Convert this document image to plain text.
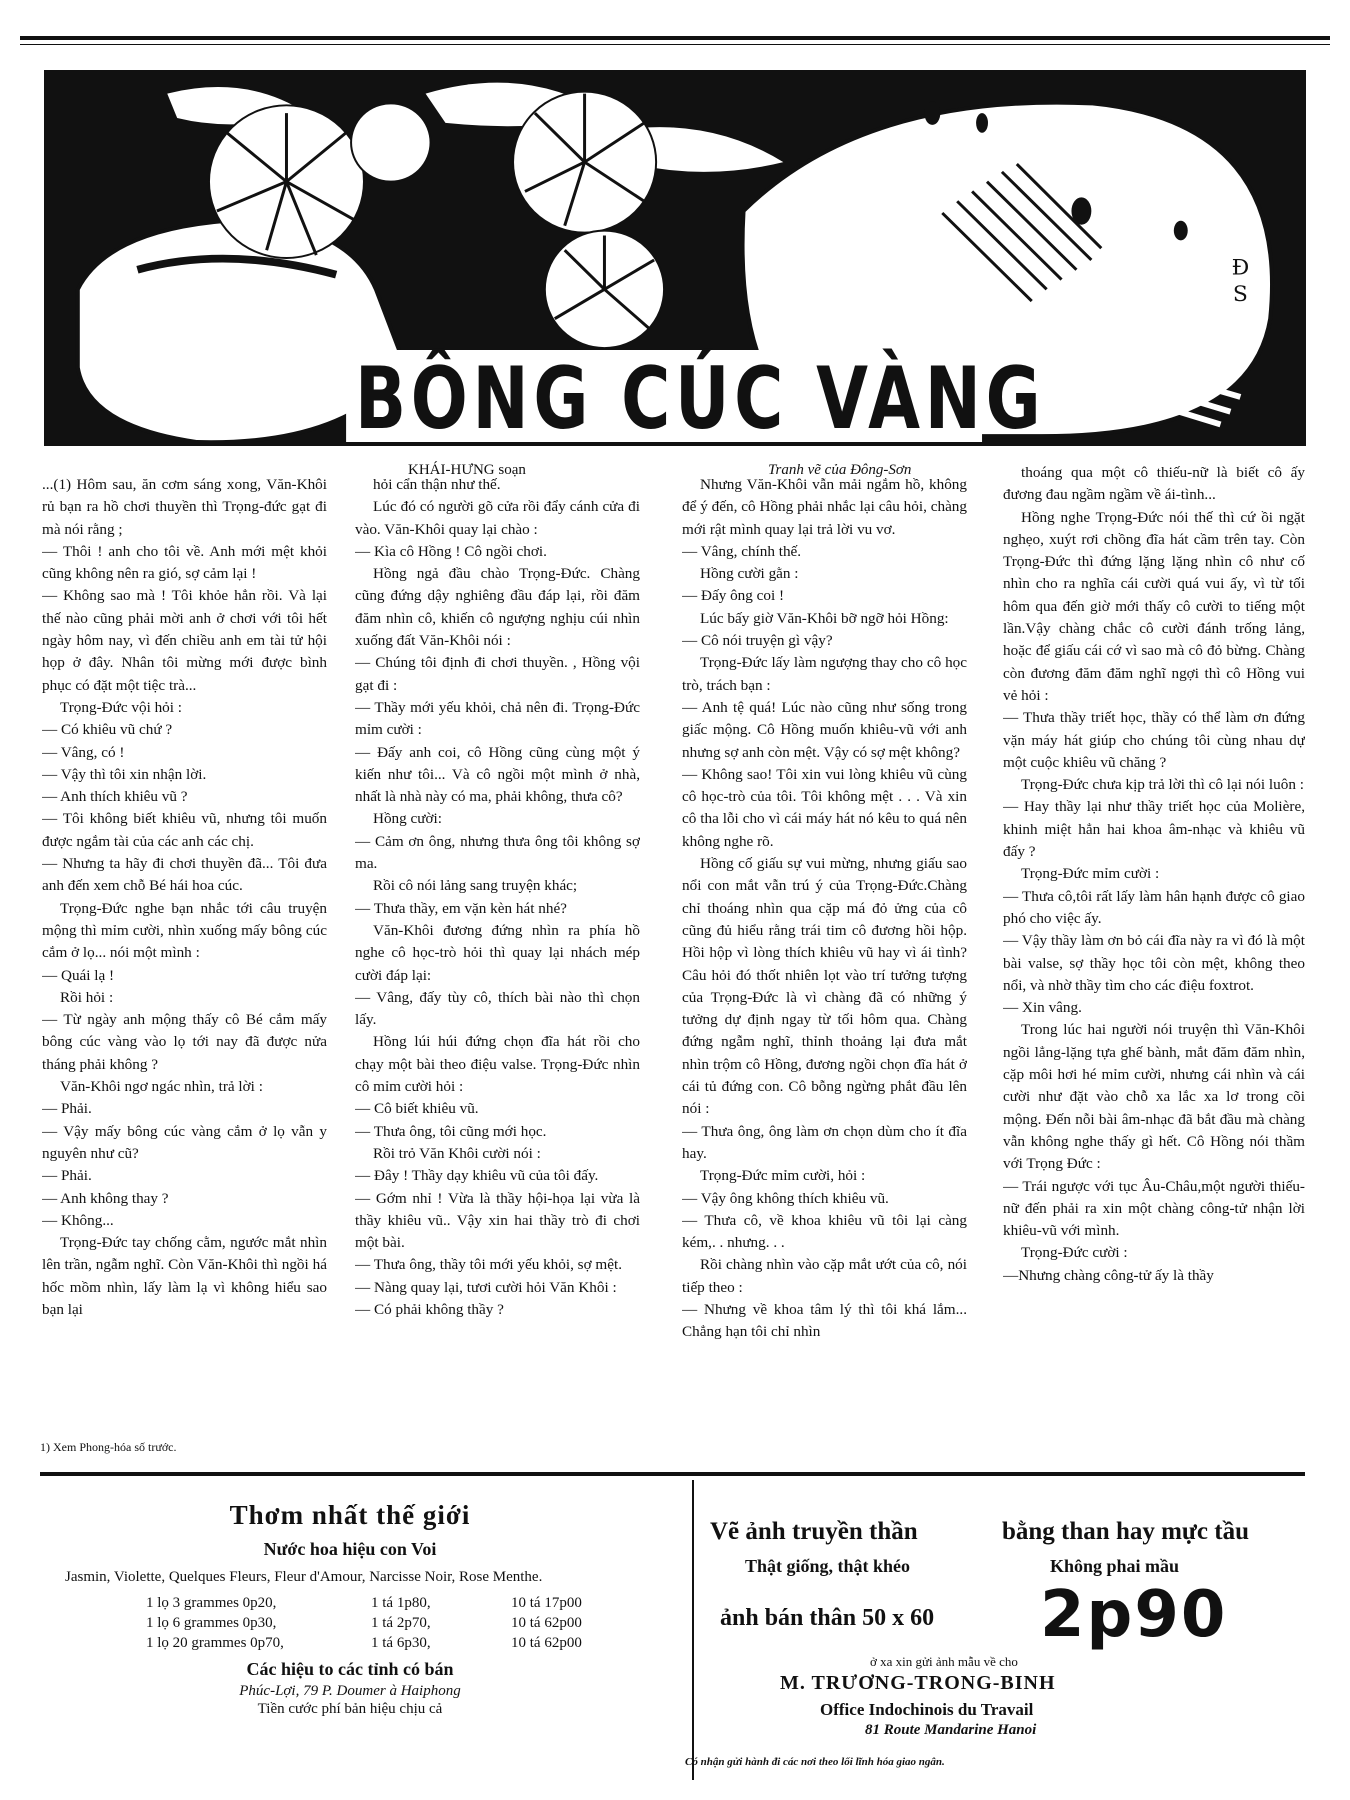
Đ
S
BÔNG CÚC VÀNG
KHÁI-HƯNG soạn	Tranh vẽ của Đông-Sơn

...(1) Hôm sau, ăn cơm sáng xong, Văn-Khôi rủ bạn ra hồ chơi thuyền thì Trọng-đức gạt đi mà nói rằng ;

— Thôi ! anh cho tôi về. Anh mới mệt khỏi cũng không nên ra gió, sợ cảm lại !

— Không sao mà ! Tôi khỏe hẳn rồi. Và lại thế nào cũng phải mời anh ở chơi với tôi hết ngày hôm nay, vì đến chiều anh em tài tử hội họp ở đây. Nhân tôi mừng mới được bình phục có đặt một tiệc trà...

Trọng-Đức vội hỏi :

— Có khiêu vũ chứ ?

— Vâng, có !

— Vậy thì tôi xin nhận lời.

— Anh thích khiêu vũ ?

— Tôi không biết khiêu vũ, nhưng tôi muốn được ngắm tài của các anh các chị.

— Nhưng ta hãy đi chơi thuyền đã... Tôi đưa anh đến xem chỗ Bé hái hoa cúc.

Trọng-Đức nghe bạn nhắc tới câu truyện mộng thì mỉm cười, nhìn xuống mấy bông cúc cắm ở lọ... nói một mình :

— Quái lạ !

Rồi hỏi :

— Từ ngày anh mộng thấy cô Bé cắm mấy bông cúc vàng vào lọ tới nay đã được nửa tháng phải không ?

Văn-Khôi ngơ ngác nhìn, trả lời :

— Phải.

— Vậy mấy bông cúc vàng cắm ở lọ vẫn y nguyên như cũ?

— Phải.

— Anh không thay ?

— Không...

Trọng-Đức tay chống cằm, ngước mắt nhìn lên trần, ngẫm nghĩ. Còn Văn-Khôi thì ngồi há hốc mồm nhìn, lấy làm lạ vì không hiểu sao bạn lại

hỏi cẩn thận như thế.

Lúc đó có người gõ cửa rồi đẩy cánh cửa đi vào. Văn-Khôi quay lại chào :

— Kìa cô Hồng ! Cô ngồi chơi.

Hồng ngả đầu chào Trọng-Đức. Chàng cũng đứng dậy nghiêng đầu đáp lại, rồi đăm đăm nhìn cô, khiến cô ngượng nghịu cúi nhìn xuống đất Văn-Khôi nói :

— Chúng tôi định đi chơi thuyền. , Hồng vội gạt đi :

— Thầy mới yếu khỏi, chả nên đi. Trọng-Đức mỉm cười :

— Đấy anh coi, cô Hồng cũng cùng một ý kiến như tôi... Và cô ngồi một mình ở nhà, nhất là nhà này có ma, phải không, thưa cô?

Hồng cười:

— Cảm ơn ông, nhưng thưa ông tôi không sợ ma.

Rồi cô nói lảng sang truyện khác;

— Thưa thầy, em vặn kèn hát nhé?

Văn-Khôi đương đứng nhìn ra phía hồ nghe cô học-trò hỏi thì quay lại nhách mép cười đáp lại:

— Vâng, đấy tùy cô, thích bài nào thì chọn lấy.

Hồng lúi húi đứng chọn đĩa hát rồi cho chạy một bài theo điệu valse. Trọng-Đức nhìn cô mỉm cười hỏi :

— Cô biết khiêu vũ.

— Thưa ông, tôi cũng mới học.

Rồi trỏ Văn Khôi cười nói :

— Đây ! Thầy dạy khiêu vũ của tôi đấy.

— Gớm nhỉ ! Vừa là thầy hội-họa lại vừa là thầy khiêu vũ.. Vậy xin hai thầy trò đi chơi một bài.

— Thưa ông, thầy tôi mới yếu khỏi, sợ mệt.

— Nàng quay lại, tươi cười hỏi Văn Khôi :

— Có phải không thầy ?

Nhưng Văn-Khôi vẫn mải ngắm hồ, không để ý đến, cô Hồng phải nhắc lại câu hỏi, chàng mới rật mình quay lại trả lời vu vơ.

— Vâng, chính thế.

Hồng cười gằn :

— Đấy ông coi !

Lúc bấy giờ Văn-Khôi bỡ ngỡ hỏi Hồng:

— Cô nói truyện gì vậy?

Trọng-Đức lấy làm ngượng thay cho cô học trò, trách bạn :

— Anh tệ quá! Lúc nào cũng như sống trong giấc mộng. Cô Hồng muốn khiêu-vũ với anh nhưng sợ anh còn mệt. Vậy có sợ mệt không?

— Không sao! Tôi xin vui lòng khiêu vũ cùng cô học-trò của tôi. Tôi không mệt . . . Và xin cô tha lỗi cho vì cái máy hát nó kêu to quá nên không nghe rõ.

Hồng cố giấu sự vui mừng, nhưng giấu sao nổi con mắt vẫn trú ý của Trọng-Đức.Chàng chỉ thoáng nhìn qua cặp má đỏ ửng của cô cũng đủ hiểu rằng trái tim cô đương hồi hộp. Hồi hộp vì lòng thích khiêu vũ hay vì ái tình? Câu hỏi đó thốt nhiên lọt vào trí tưởng tượng của Trọng-Đức là vì chàng đã có những ý tưởng dự định ngay từ tối hôm qua. Chàng đứng ngẫm nghĩ, thỉnh thoảng lại đưa mắt nhìn trộm cô Hồng, đương ngồi chọn đĩa hát ở cái tủ đứng con. Cô bỗng ngừng phắt đầu lên nói :

— Thưa ông, ông làm ơn chọn dùm cho ít đĩa hay.

Trọng-Đức mỉm cười, hỏi :

— Vậy ông không thích khiêu vũ.

— Thưa cô, về khoa khiêu vũ tôi lại càng kém,. . nhưng. . .

Rồi chàng nhìn vào cặp mắt ướt của cô, nói tiếp theo :

— Nhưng về khoa tâm lý thì tôi khá lắm... Chẳng hạn tôi chỉ nhìn

thoáng qua một cô thiếu-nữ là biết cô ấy đương đau ngầm ngầm về ái-tình...

Hồng nghe Trọng-Đức nói thế thì cứ ồi ngặt nghẹo, xuýt rơi chồng đĩa hát cầm trên tay. Còn Trọng-Đức thì đứng lặng lặng nhìn cô như cố nhìn cho ra nghĩa cái cười quá vui ấy, vì từ tối hôm qua đến giờ mới thấy cô cười to tiếng một lần.Vậy chàng chắc cô cười đánh trống lảng, hoặc để giấu cái cớ vì sao mà cô đỏ bừng. Chàng còn đương đăm đăm nghĩ ngợi thì cô Hồng vui vẻ hỏi :

— Thưa thầy triết học, thầy có thể làm ơn đứng vặn máy hát giúp cho chúng tôi cùng nhau dự một cuộc khiêu vũ chăng ?

Trọng-Đức chưa kịp trả lời thì cô lại nói luôn :

— Hay thầy lại như thầy triết học của Molière, khinh miệt hẳn hai khoa âm-nhạc và khiêu vũ đấy ?

Trọng-Đức mỉm cười :

— Thưa cô,tôi rất lấy làm hân hạnh được cô giao phó cho việc ấy.

— Vậy thầy làm ơn bỏ cái đĩa này ra vì đó là một bài valse, sợ thầy học tôi còn mệt, không theo nổi, và nhờ thầy tìm cho các điệu foxtrot.

— Xin vâng.

Trong lúc hai người nói truyện thì Văn-Khôi ngồi lẳng-lặng tựa ghế bành, mắt đăm đăm nhìn, cặp môi hơi hé mỉm cười, nhưng cái nhìn và cái cười như đặt vào chỗ xa lắc xa lơ trong cõi mộng. Đến nỗi bài âm-nhạc đã bắt đầu mà chàng vẫn không nghe thấy gì hết. Cô Hồng nói thầm với Trọng Đức :

— Trái ngược với tục Âu-Châu,một người thiếu-nữ đến phải ra xin một chàng công-tử nhận lời khiêu-vũ với mình.

Trọng-Đức cười :

—Nhưng chàng công-tử ấy là thầy

1) Xem Phong-hóa số trước.
Thơm nhất thế giới
Nước hoa hiệu con Voi
Jasmin, Violette, Quelques Fleurs, Fleur d'Amour, Narcisse Noir, Rose Menthe.
1 lọ 3 grammes 0p20,	1 tá 1p80,	10 tá 17p00
1 lọ 6 grammes 0p30,	1 tá 2p70,	10 tá 62p00
1 lọ 20 grammes 0p70,	1 tá 6p30,	10 tá 62p00
Các hiệu to các tỉnh có bán
Phúc-Lợi, 79 P. Doumer à Haiphong
Tiền cước phí bản hiệu chịu cả
Vẽ ảnh truyền thần	bằng than hay mực tầu
Thật giống, thật khéo	Không phai mầu
ảnh bán thân 50 x 60 2p90
ở xa xin gửi ảnh mẫu về cho
M. TRƯƠNG-TRONG-BINH
Office Indochinois du Travail
81 Route Mandarine Hanoi
Có nhận gửi hành đi các nơi theo lối lĩnh hóa giao ngân.
